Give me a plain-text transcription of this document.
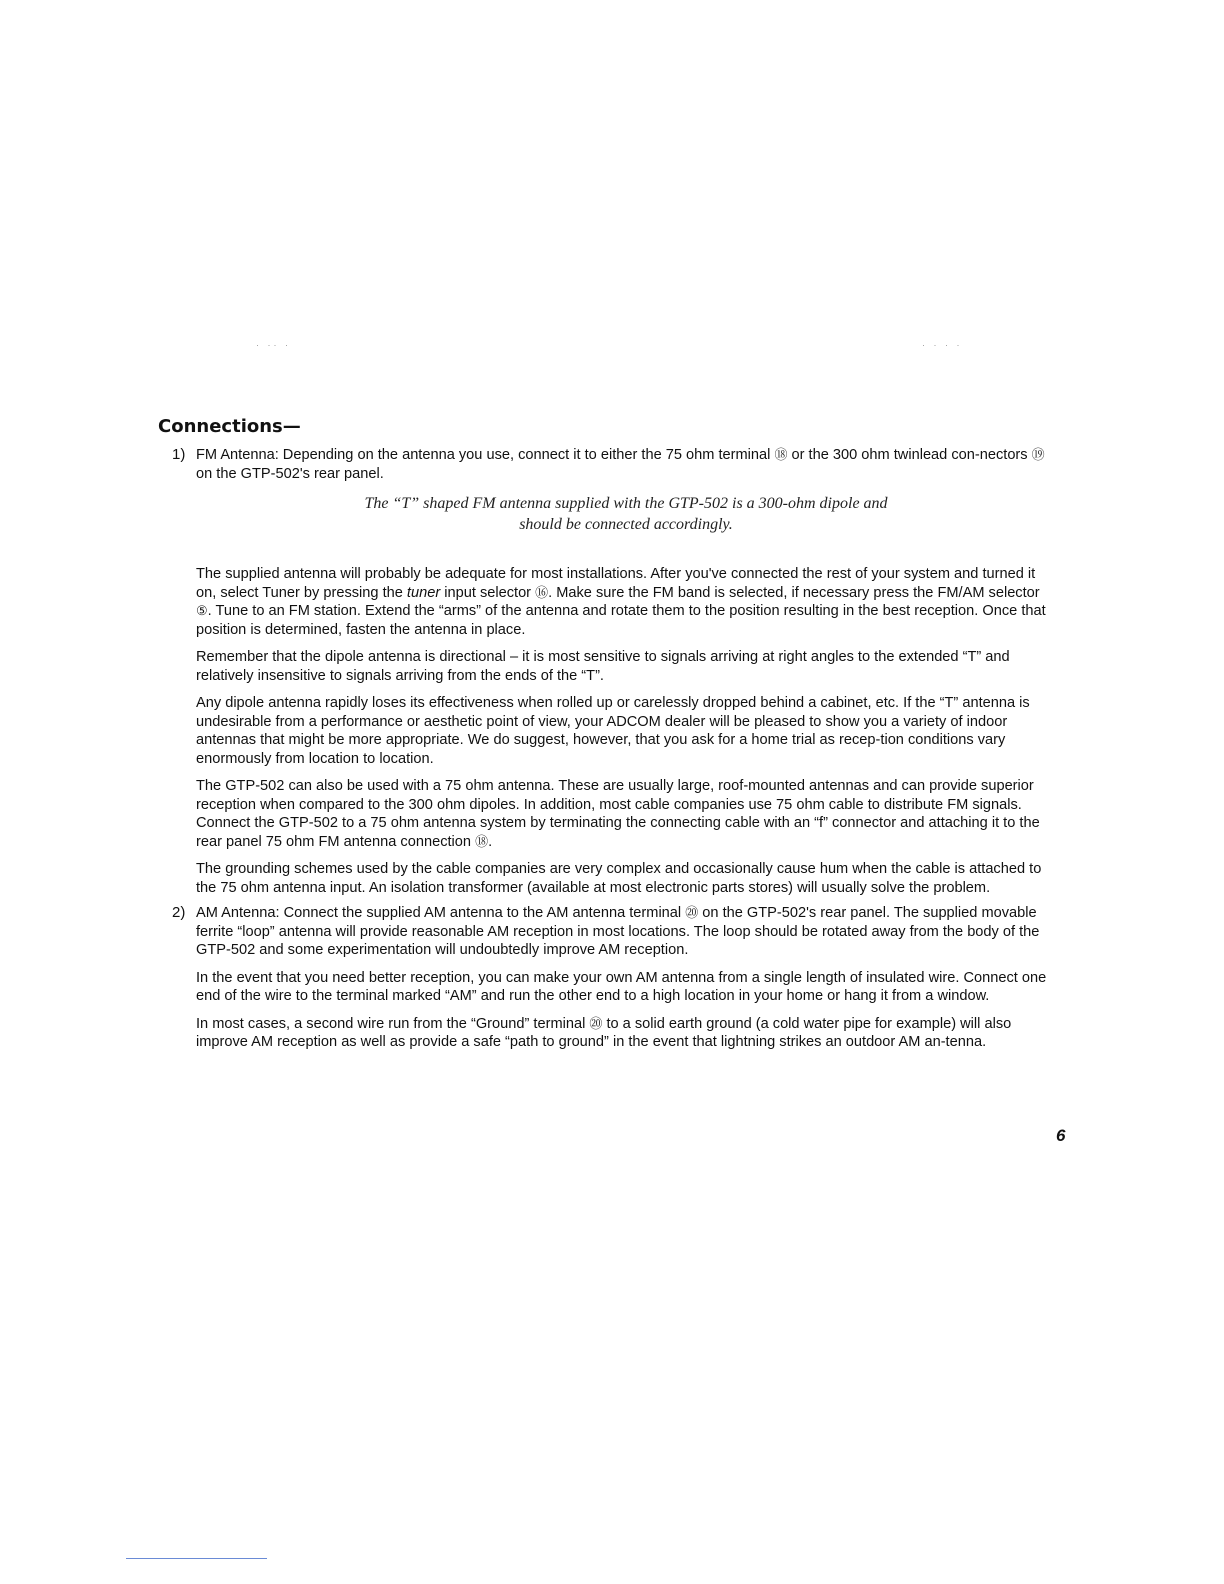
· ·· ·	· · · ·
Connections—
1) FM Antenna: Depending on the antenna you use, connect it to either the 75 ohm terminal ⑱ or the 300 ohm twinlead con-nectors ⑲ on the GTP-502's rear panel.

The “T” shaped FM antenna supplied with the GTP-502 is a 300-ohm dipole and
should be connected accordingly.

The supplied antenna will probably be adequate for most installations. After you've connected the rest of your system and turned it on, select Tuner by pressing the tuner input selector ⑯. Make sure the FM band is selected, if necessary press the FM/AM selector ⑤. Tune to an FM station. Extend the “arms” of the antenna and rotate them to the position resulting in the best reception. Once that position is determined, fasten the antenna in place.

Remember that the dipole antenna is directional – it is most sensitive to signals arriving at right angles to the extended “T” and relatively insensitive to signals arriving from the ends of the “T”.

Any dipole antenna rapidly loses its effectiveness when rolled up or carelessly dropped behind a cabinet, etc. If the “T” antenna is undesirable from a performance or aesthetic point of view, your ADCOM dealer will be pleased to show you a variety of indoor antennas that might be more appropriate. We do suggest, however, that you ask for a home trial as recep-tion conditions vary enormously from location to location.

The GTP-502 can also be used with a 75 ohm antenna. These are usually large, roof-mounted antennas and can provide superior reception when compared to the 300 ohm dipoles. In addition, most cable companies use 75 ohm cable to distribute FM signals. Connect the GTP-502 to a 75 ohm antenna system by terminating the connecting cable with an “f” connector and attaching it to the rear panel 75 ohm FM antenna connection ⑱.

The grounding schemes used by the cable companies are very complex and occasionally cause hum when the cable is attached to the 75 ohm antenna input. An isolation transformer (available at most electronic parts stores) will usually solve the problem.

2) AM Antenna: Connect the supplied AM antenna to the AM antenna terminal ⑳ on the GTP-502's rear panel. The supplied movable ferrite “loop” antenna will provide reasonable AM reception in most locations. The loop should be rotated away from the body of the GTP-502 and some experimentation will undoubtedly improve AM reception.

In the event that you need better reception, you can make your own AM antenna from a single length of insulated wire. Connect one end of the wire to the terminal marked “AM” and run the other end to a high location in your home or hang it from a window.

In most cases, a second wire run from the “Ground” terminal ⑳ to a solid earth ground (a cold water pipe for example) will also improve AM reception as well as provide a safe “path to ground” in the event that lightning strikes an outdoor AM an-tenna.

6
